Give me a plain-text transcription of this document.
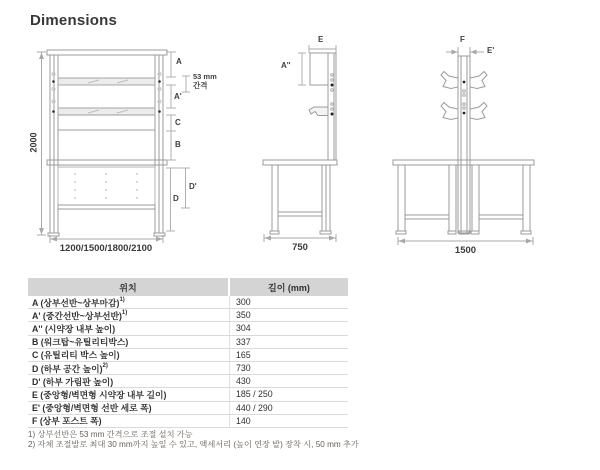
Dimensions
2000
A
53 mm
간격
A'
C
B
D'
D
1200/1500/1800/2100
E
A''
750
F
E'
1500
위치	길이 (mm)
A (상부선반~상부마감)$^{1)}$	300
A' (중간선반~상부선반)$^{1)}$	350
A'' (시약장 내부 높이)	304
B (워크탑~유틸리티박스)	337
C (유틸리티 박스 높이)	165
D (하부 공간 높이)$^{2)}$	730
D' (하부 가림판 높이)	430
E (중앙형/벽면형 시약장 내부 길이)	185 / 250
E' (중앙형/벽면형 선반 세로 폭)	440 / 290
F (상부 포스트 폭)	140
1) 상부선반은 53 mm 간격으로 조절 설치 가능
2) 자체 조절발로 최대 30 mm까지 높일 수 있고, 액세서리 (높이 연장 발) 장착 시, 50 mm 추가
